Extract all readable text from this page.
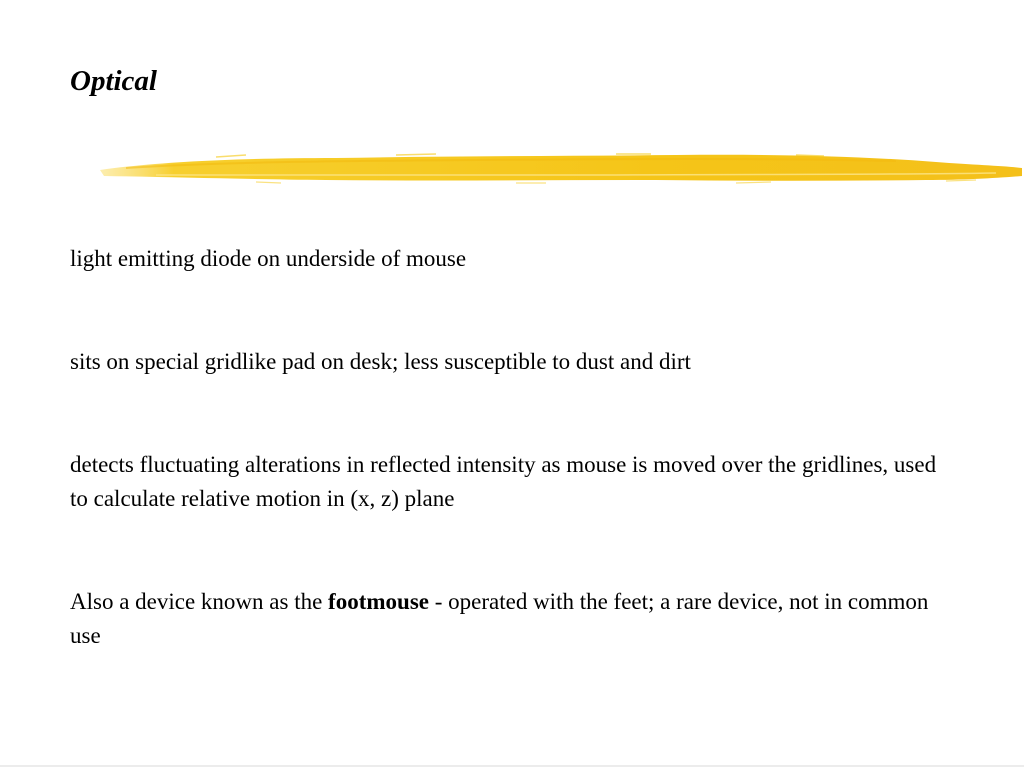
Optical

light emitting diode on underside of mouse

sits on special gridlike pad on desk; less susceptible to dust and dirt

detects fluctuating alterations in reflected intensity as mouse is moved over the gridlines, used to calculate relative motion in (x, z) plane

Also a device known as the footmouse - operated with the feet; a rare device, not in common use
